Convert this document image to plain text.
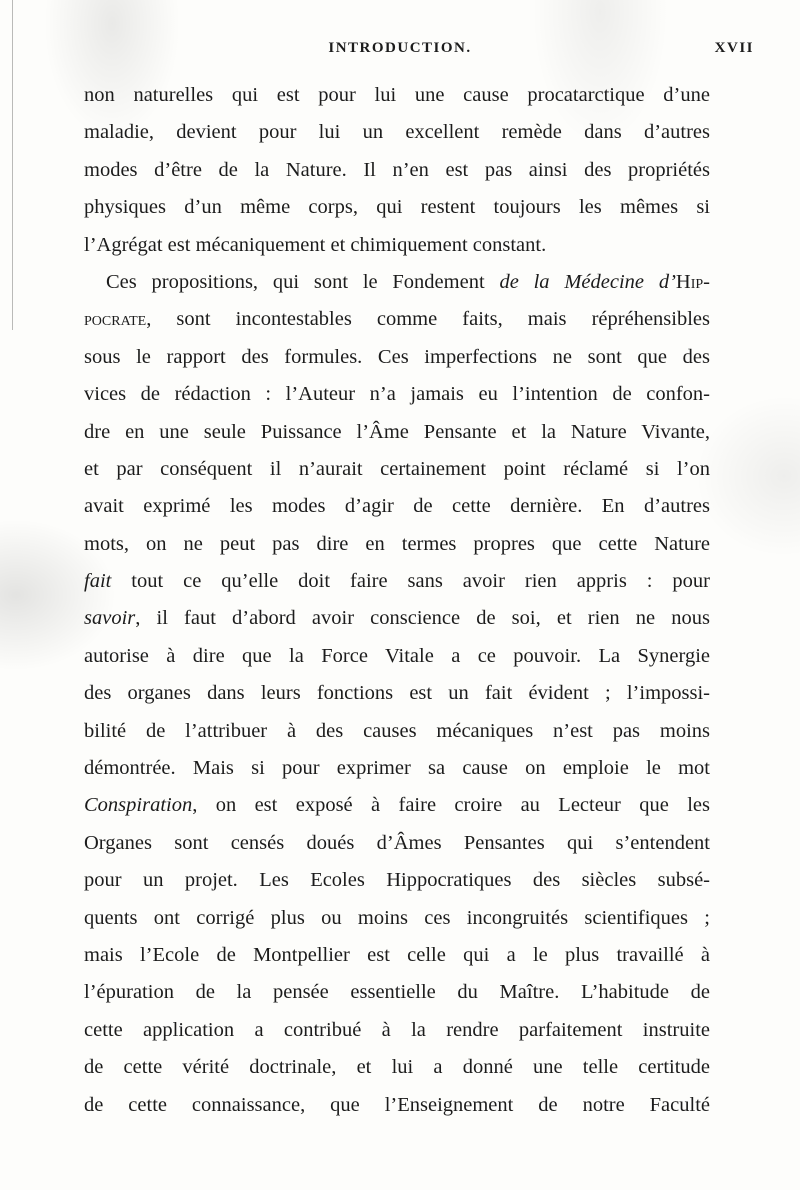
INTRODUCTION.	XVII
non naturelles qui est pour lui une cause procatarctique d’une
maladie, devient pour lui un excellent remède dans d’autres
modes d’être de la Nature. Il n’en est pas ainsi des propriétés
physiques d’un même corps, qui restent toujours les mêmes si
l’Agrégat est mécaniquement et chimiquement constant.
Ces propositions, qui sont le Fondement de la Médecine d’Hip-
pocrate, sont incontestables comme faits, mais répréhensibles
sous le rapport des formules. Ces imperfections ne sont que des
vices de rédaction : l’Auteur n’a jamais eu l’intention de confon-
dre en une seule Puissance l’Âme Pensante et la Nature Vivante,
et par conséquent il n’aurait certainement point réclamé si l’on
avait exprimé les modes d’agir de cette dernière. En d’autres
mots, on ne peut pas dire en termes propres que cette Nature
fait tout ce qu’elle doit faire sans avoir rien appris : pour
savoir, il faut d’abord avoir conscience de soi, et rien ne nous
autorise à dire que la Force Vitale a ce pouvoir. La Synergie
des organes dans leurs fonctions est un fait évident ; l’impossi-
bilité de l’attribuer à des causes mécaniques n’est pas moins
démontrée. Mais si pour exprimer sa cause on emploie le mot
Conspiration, on est exposé à faire croire au Lecteur que les
Organes sont censés doués d’Âmes Pensantes qui s’entendent
pour un projet. Les Ecoles Hippocratiques des siècles subsé-
quents ont corrigé plus ou moins ces incongruités scientifiques ;
mais l’Ecole de Montpellier est celle qui a le plus travaillé à
l’épuration de la pensée essentielle du Maître. L’habitude de
cette application a contribué à la rendre parfaitement instruite
de cette vérité doctrinale, et lui a donné une telle certitude
de cette connaissance, que l’Enseignement de notre Faculté
